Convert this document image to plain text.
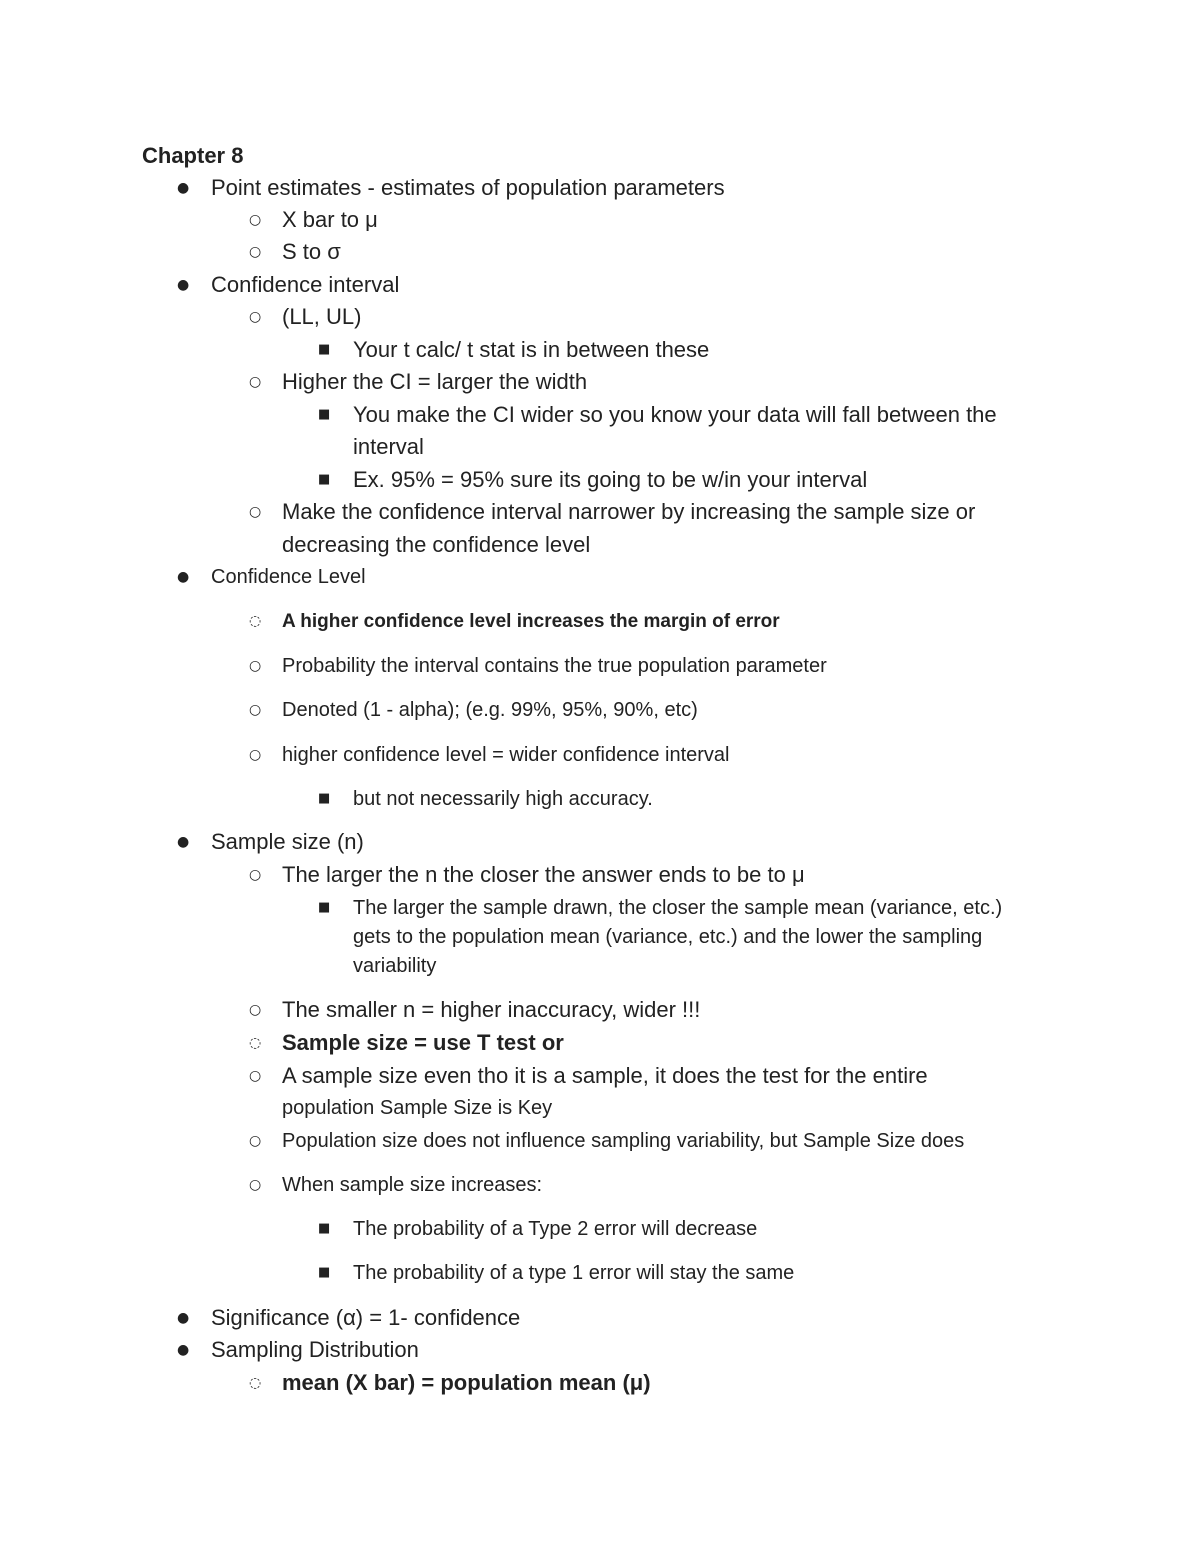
Chapter 8
● Point estimates - estimates of population parameters
○ X bar to μ
○ S to σ
● Confidence interval
○ (LL, UL)
■ Your t calc/ t stat is in between these
○ Higher the CI = larger the width
■ You make the CI wider so you know your data will fall between the
interval
■ Ex. 95% = 95% sure its going to be w/in your interval
○ Make the confidence interval narrower by increasing the sample size or
decreasing the confidence level
● Confidence Level
◌ A higher confidence level increases the margin of error
○ Probability the interval contains the true population parameter
○ Denoted (1 - alpha); (e.g. 99%, 95%, 90%, etc)
○ higher confidence level = wider confidence interval
■ but not necessarily high accuracy.
● Sample size (n)
○ The larger the n the closer the answer ends to be to μ
■ The larger the sample drawn, the closer the sample mean (variance, etc.)
gets to the population mean (variance, etc.) and the lower the sampling
variability
○ The smaller n = higher inaccuracy, wider !!!
◌ Sample size = use T test or
○ A sample size even tho it is a sample, it does the test for the entire
population Sample Size is Key
○ Population size does not influence sampling variability, but Sample Size does
○ When sample size increases:
■ The probability of a Type 2 error will decrease
■ The probability of a type 1 error will stay the same
● Significance (α) = 1- confidence
● Sampling Distribution
◌ mean (X bar) = population mean (μ)
